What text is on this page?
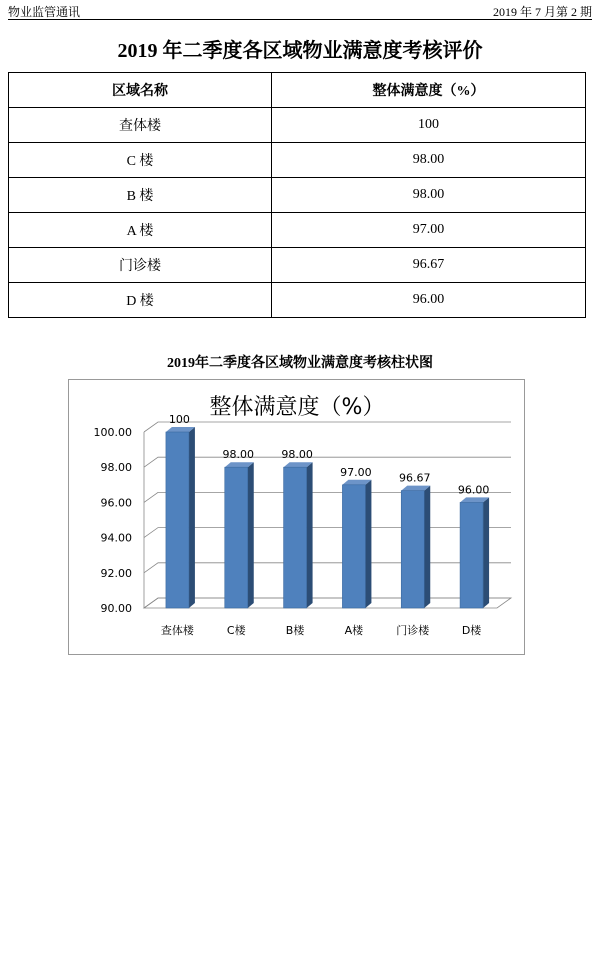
物业监管通讯	2019 年 7 月第 2 期
2019 年二季度各区域物业满意度考核评价
区域名称	整体满意度（%）
查体楼	100
C 楼	98.00
B 楼	98.00
A 楼	97.00
门诊楼	96.67
D 楼	96.00
2019年二季度各区域物业满意度考核柱状图
整体满意度（%）
90.00
92.00
94.00
96.00
98.00
100.00
100
查体楼
98.00
C楼
98.00
B楼
97.00
A楼
96.67
门诊楼
96.00
D楼
